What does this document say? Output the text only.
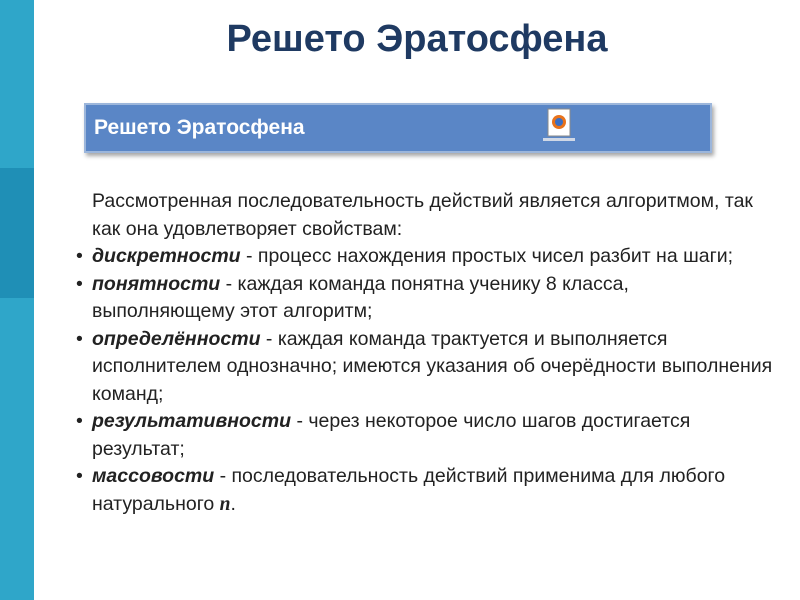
Решето Эратосфена
Решето Эратосфена

Рассмотренная последовательность действий является алгоритмом, так как она удовлетворяет свойствам:

• дискретности - процесс нахождения простых чисел разбит на шаги;
• понятности - каждая команда понятна ученику 8 класса, выполняющему этот алгоритм;
• определённости - каждая команда трактуется и выполняется исполнителем однозначно; имеются указания об очерёдности выполнения команд;
• результативности - через некоторое число шагов достигается результат;
• массовости - последовательность действий применима для любого натурального n.
